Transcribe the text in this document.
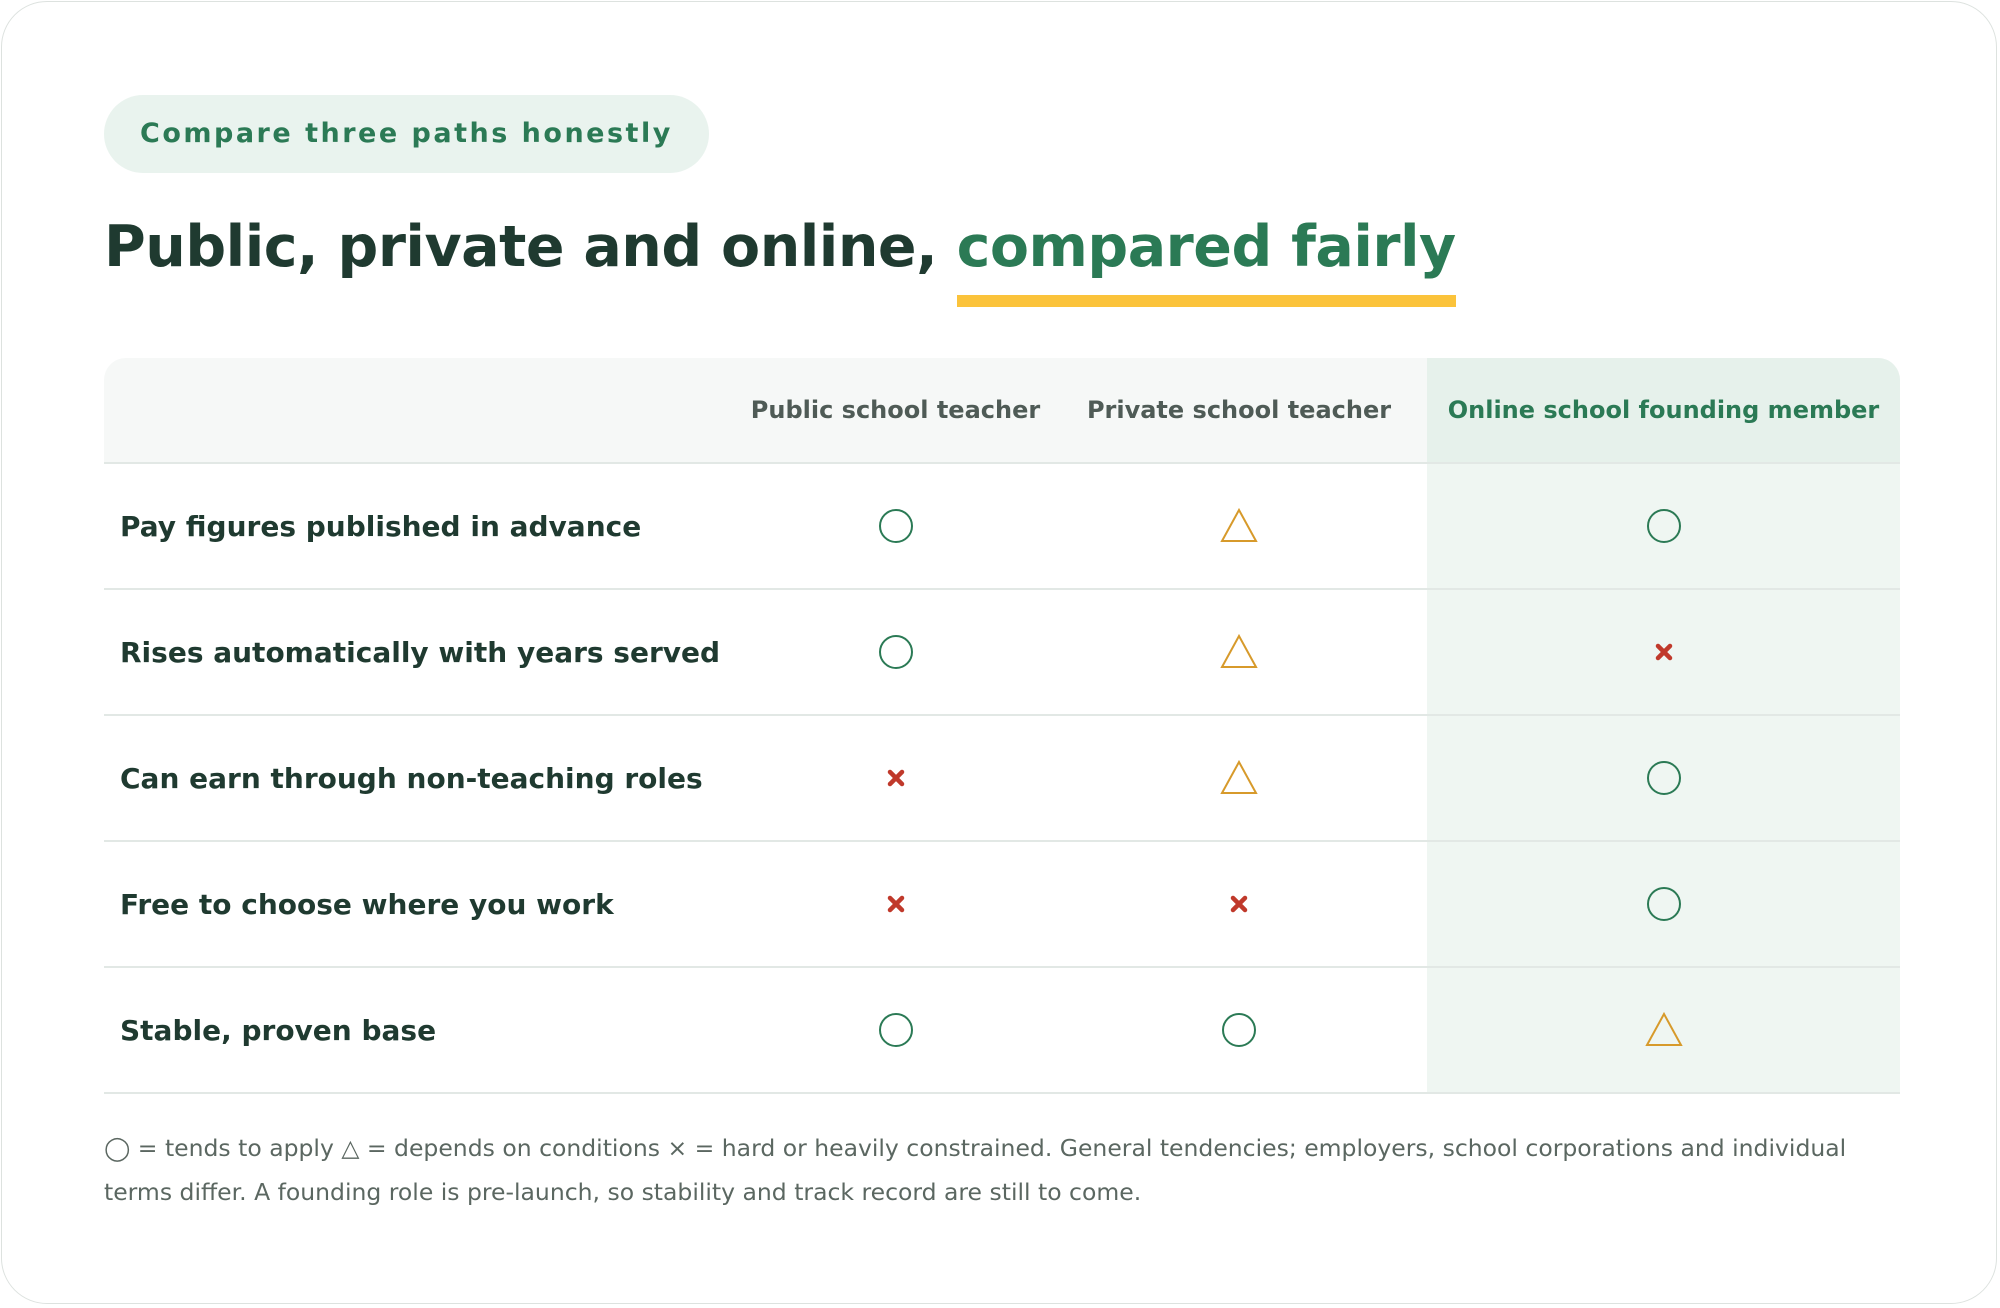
Compare three paths honestly
Public, private and online, compared fairly
Public school teacher Private school teacher Online school founding member
Pay figures published in advance
Rises automatically with years served
Can earn through non-teaching roles
Free to choose where you work
Stable, proven base
◯ = tends to apply △ = depends on conditions × = hard or heavily constrained. General tendencies; employers, school corporations and individual terms differ. A founding role is pre-launch, so stability and track record are still to come.
